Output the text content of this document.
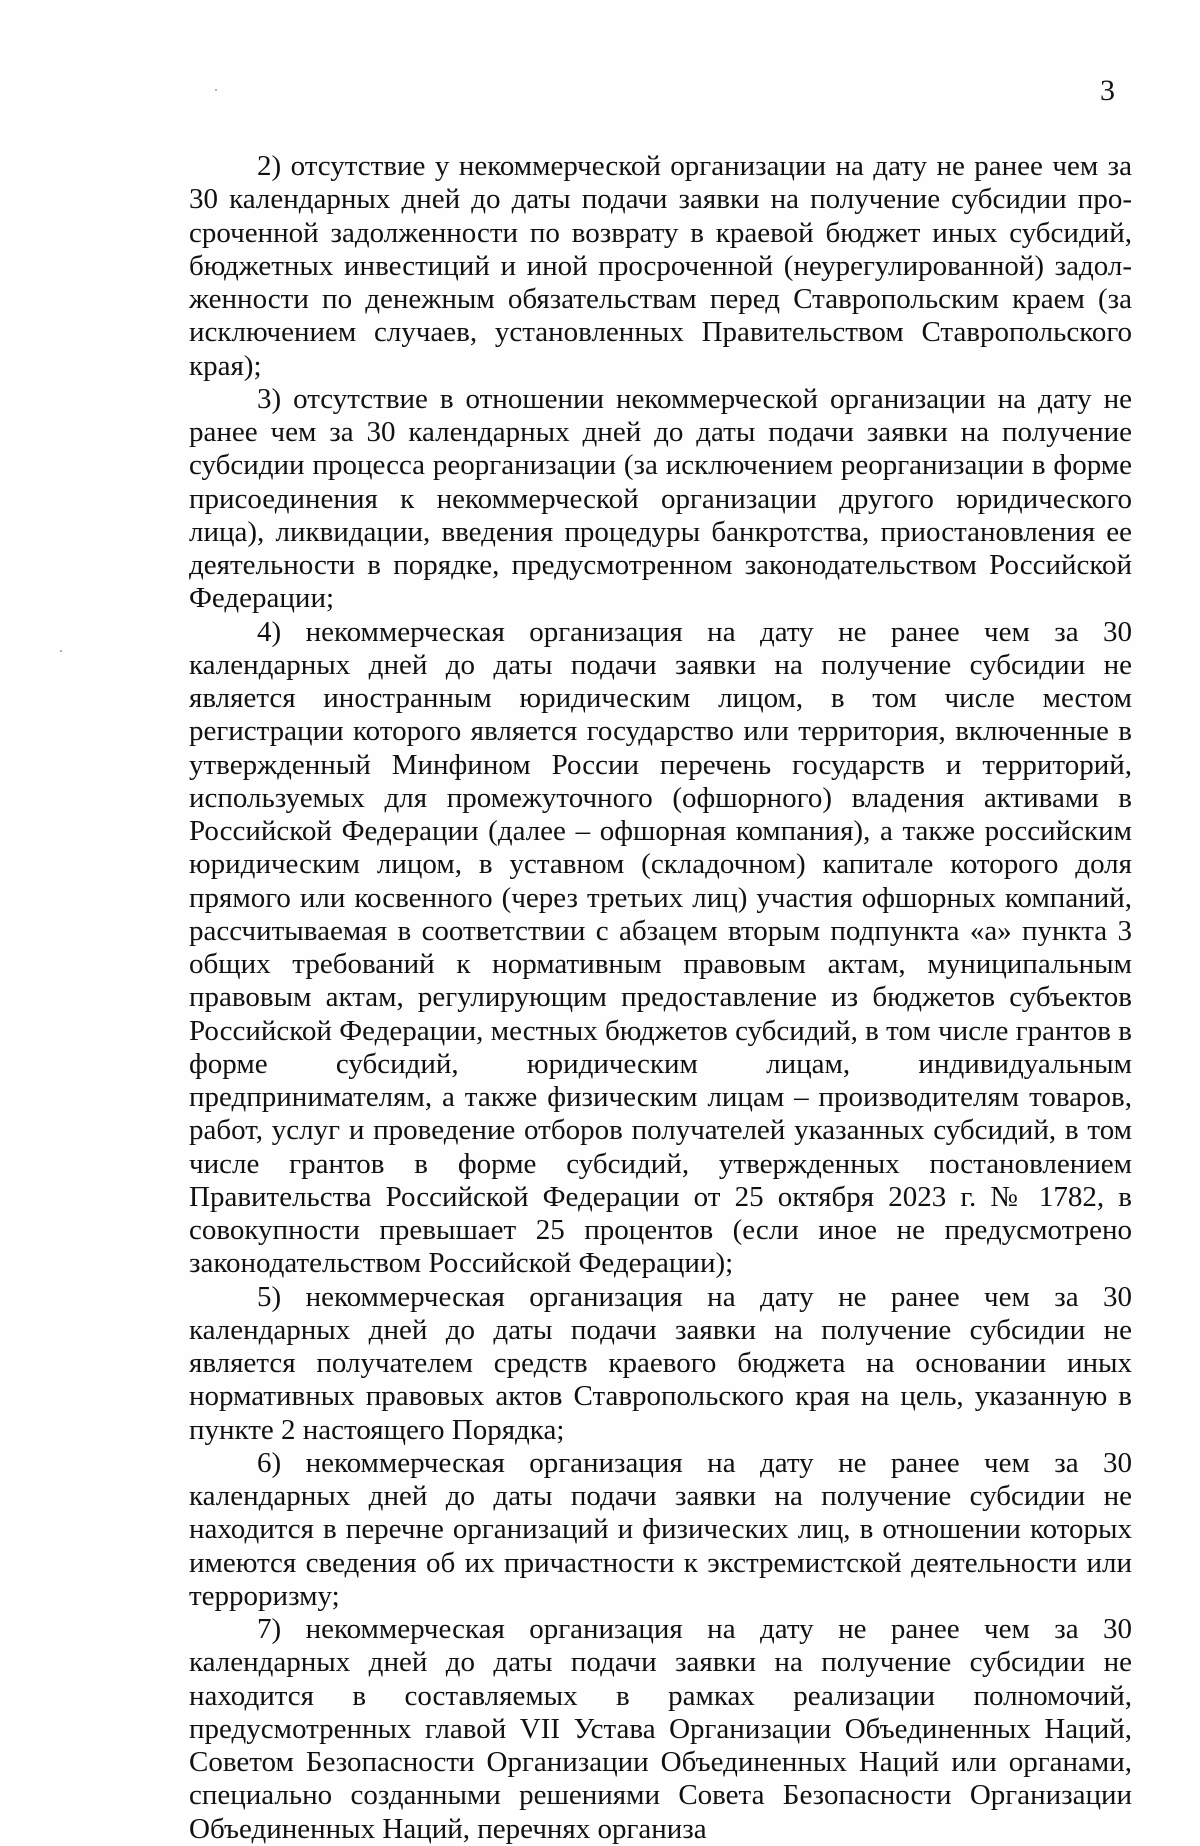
3

2) отсутствие у некоммерческой организации на дату не ранее чем за 30 календарных дней до даты подачи заявки на получение субсидии просроченной задолженности по возврату в краевой бюджет иных субсидий, бюджетных инвестиций и иной просроченной (неурегулированной) задолженности по денежным обязательствам перед Ставропольским краем (за исключением случаев, установленных Правительством Ставропольского края);

3) отсутствие в отношении некоммерческой организации на дату не ранее чем за 30 календарных дней до даты подачи заявки на получение субсидии процесса реорганизации (за исключением реорганизации в форме присоединения к некоммерческой организации другого юридического лица), ликвидации, введения процедуры банкротства, приостановления ее деятельности в порядке, предусмотренном законодательством Российской Федерации;

4) некоммерческая организация на дату не ранее чем за 30 календарных дней до даты подачи заявки на получение субсидии не является иностранным юридическим лицом, в том числе местом регистрации которого является государство или территория, включенные в утвержденный Минфином России перечень государств и территорий, используемых для промежуточного (офшорного) владения активами в Российской Федерации (далее – офшорная компания), а также российским юридическим лицом, в уставном (складочном) капитале которого доля прямого или косвенного (через третьих лиц) участия офшорных компаний, рассчитываемая в соответствии с абзацем вторым подпункта «а» пункта 3 общих требований к нормативным правовым актам, муниципальным правовым актам, регулирующим предоставление из бюджетов субъектов Российской Федерации, местных бюджетов субсидий, в том числе грантов в форме субсидий, юридическим лицам, индивидуальным предпринимателям, а также физическим лицам – производителям товаров, работ, услуг и проведение отборов получателей указанных субсидий, в том числе грантов в форме субсидий, утвержденных постановлением Правительства Российской Федерации от 25 октября 2023 г. № 1782, в совокупности превышает 25 процентов (если иное не предусмотрено законодательством Российской Федерации);

5) некоммерческая организация на дату не ранее чем за 30 календарных дней до даты подачи заявки на получение субсидии не является получателем средств краевого бюджета на основании иных нормативных правовых актов Ставропольского края на цель, указанную в пункте 2 настоящего Порядка;

6) некоммерческая организация на дату не ранее чем за 30 календарных дней до даты подачи заявки на получение субсидии не находится в перечне организаций и физических лиц, в отношении которых имеются сведения об их причастности к экстремистской деятельности или терроризму;

7) некоммерческая организация на дату не ранее чем за 30 календарных дней до даты подачи заявки на получение субсидии не находится в составляемых в рамках реализации полномочий, предусмотренных главой VII Устава Организации Объединенных Наций, Советом Безопасности Организации Объединенных Наций или органами, специально созданными решениями Совета Безопасности Организации Объединенных Наций, перечнях организа
